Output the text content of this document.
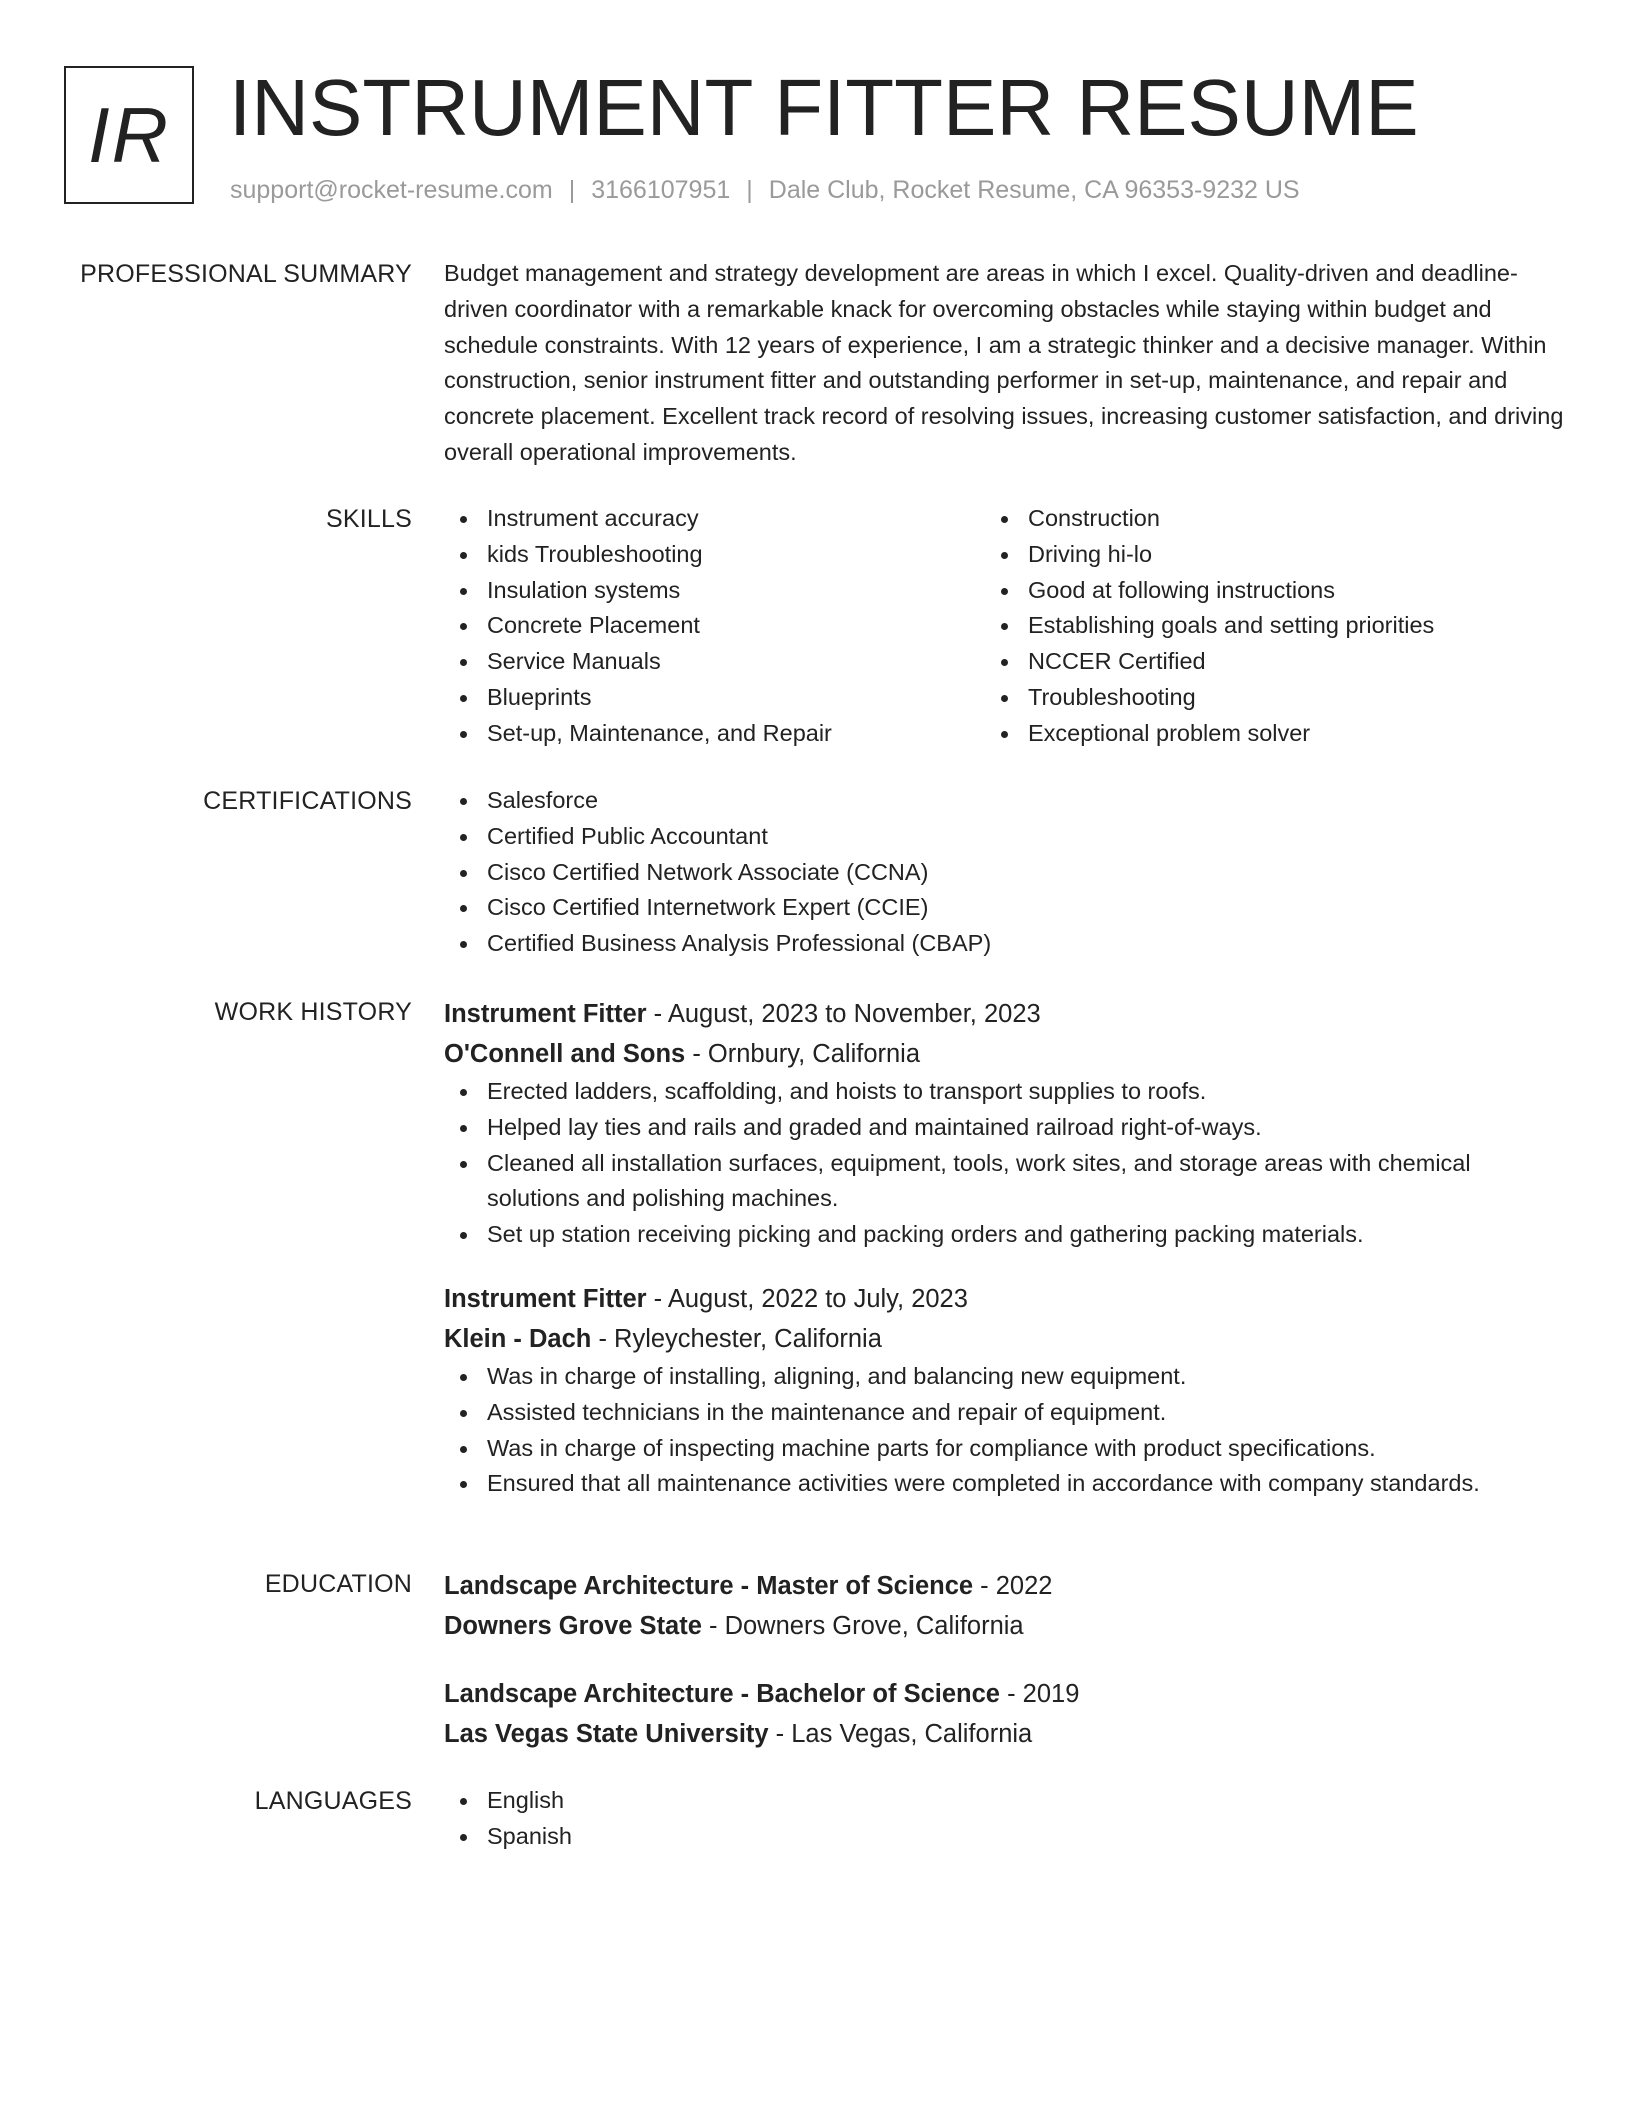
IR INSTRUMENT FITTER RESUME
support@rocket-resume.com | 3166107951 | Dale Club, Rocket Resume, CA 96353-9232 US
PROFESSIONAL SUMMARY Budget management and strategy development are areas in which I excel. Quality-driven and deadline-driven coordinator with a remarkable knack for overcoming obstacles while staying within budget and schedule constraints. With 12 years of experience, I am a strategic thinker and a decisive manager. Within construction, senior instrument fitter and outstanding performer in set-up, maintenance, and repair and concrete placement. Excellent track record of resolving issues, increasing customer satisfaction, and driving overall operational improvements.

SKILLS	Instrument accuracy
kids Troubleshooting
Insulation systems
Concrete Placement
Service Manuals
Blueprints
Set-up, Maintenance, and Repair
Construction
Driving hi-lo
Good at following instructions
Establishing goals and setting priorities
NCCER Certified
Troubleshooting
Exceptional problem solver
CERTIFICATIONS	Salesforce
Certified Public Accountant
Cisco Certified Network Associate (CCNA)
Cisco Certified Internetwork Expert (CCIE)
Certified Business Analysis Professional (CBAP)
WORK HISTORY Instrument Fitter - August, 2023 to November, 2023
O'Connell and Sons - Ornbury, California
Erected ladders, scaffolding, and hoists to transport supplies to roofs.
Helped lay ties and rails and graded and maintained railroad right-of-ways.
Cleaned all installation surfaces, equipment, tools, work sites, and storage areas with chemical solutions and polishing machines.
Set up station receiving picking and packing orders and gathering packing materials.
Instrument Fitter - August, 2022 to July, 2023
Klein - Dach - Ryleychester, California
Was in charge of installing, aligning, and balancing new equipment.
Assisted technicians in the maintenance and repair of equipment.
Was in charge of inspecting machine parts for compliance with product specifications.
Ensured that all maintenance activities were completed in accordance with company standards.
EDUCATION Landscape Architecture - Master of Science - 2022
Downers Grove State - Downers Grove, California
Landscape Architecture - Bachelor of Science - 2019
Las Vegas State University - Las Vegas, California
LANGUAGES	English
Spanish
